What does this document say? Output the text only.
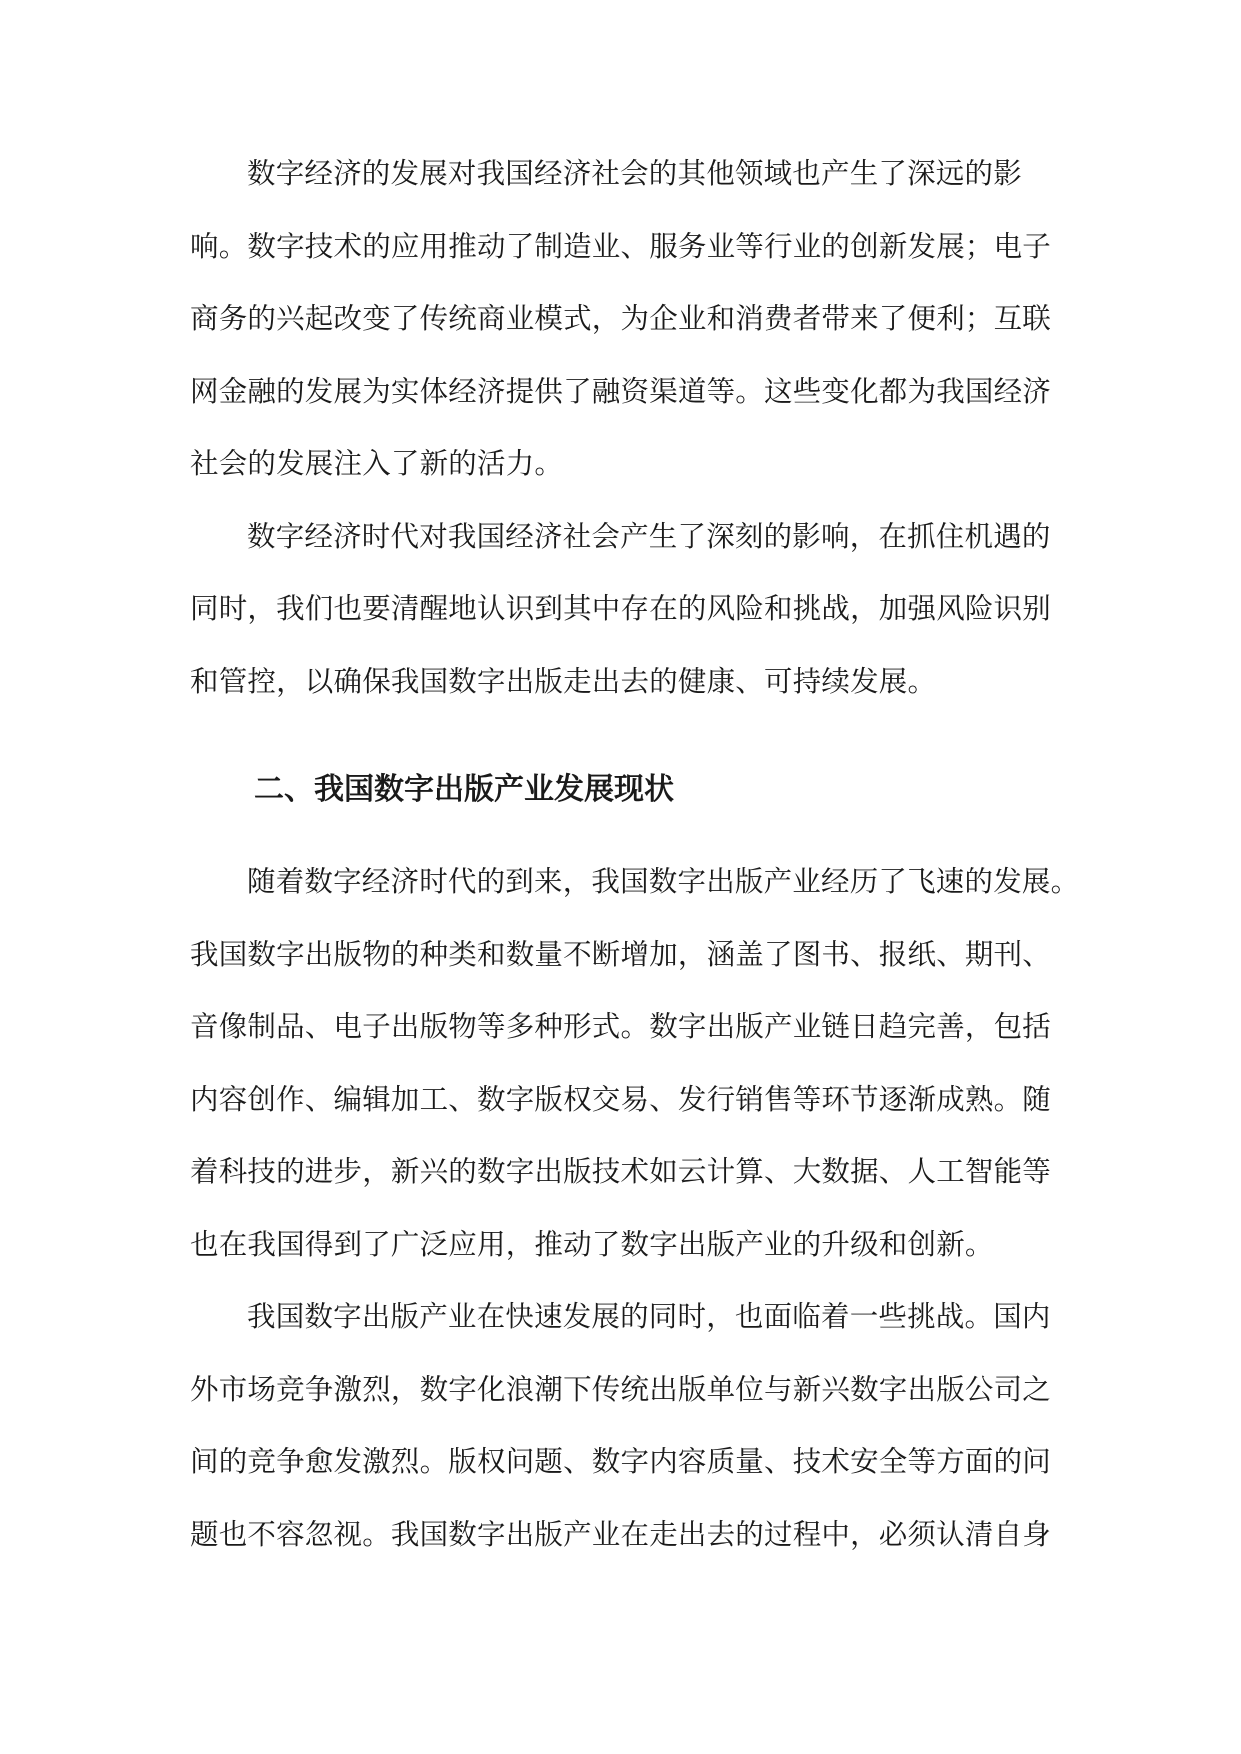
数字经济的发展对我国经济社会的其他领域也产生了深远的影
响。数字技术的应用推动了制造业、服务业等行业的创新发展；电子
商务的兴起改变了传统商业模式，为企业和消费者带来了便利；互联
网金融的发展为实体经济提供了融资渠道等。这些变化都为我国经济
社会的发展注入了新的活力。

数字经济时代对我国经济社会产生了深刻的影响，在抓住机遇的
同时，我们也要清醒地认识到其中存在的风险和挑战，加强风险识别
和管控，以确保我国数字出版走出去的健康、可持续发展。

二、我国数字出版产业发展现状

随着数字经济时代的到来，我国数字出版产业经历了飞速的发展。
我国数字出版物的种类和数量不断增加，涵盖了图书、报纸、期刊、
音像制品、电子出版物等多种形式。数字出版产业链日趋完善，包括
内容创作、编辑加工、数字版权交易、发行销售等环节逐渐成熟。随
着科技的进步，新兴的数字出版技术如云计算、大数据、人工智能等
也在我国得到了广泛应用，推动了数字出版产业的升级和创新。

我国数字出版产业在快速发展的同时，也面临着一些挑战。国内
外市场竞争激烈，数字化浪潮下传统出版单位与新兴数字出版公司之
间的竞争愈发激烈。版权问题、数字内容质量、技术安全等方面的问
题也不容忽视。我国数字出版产业在走出去的过程中，必须认清自身
